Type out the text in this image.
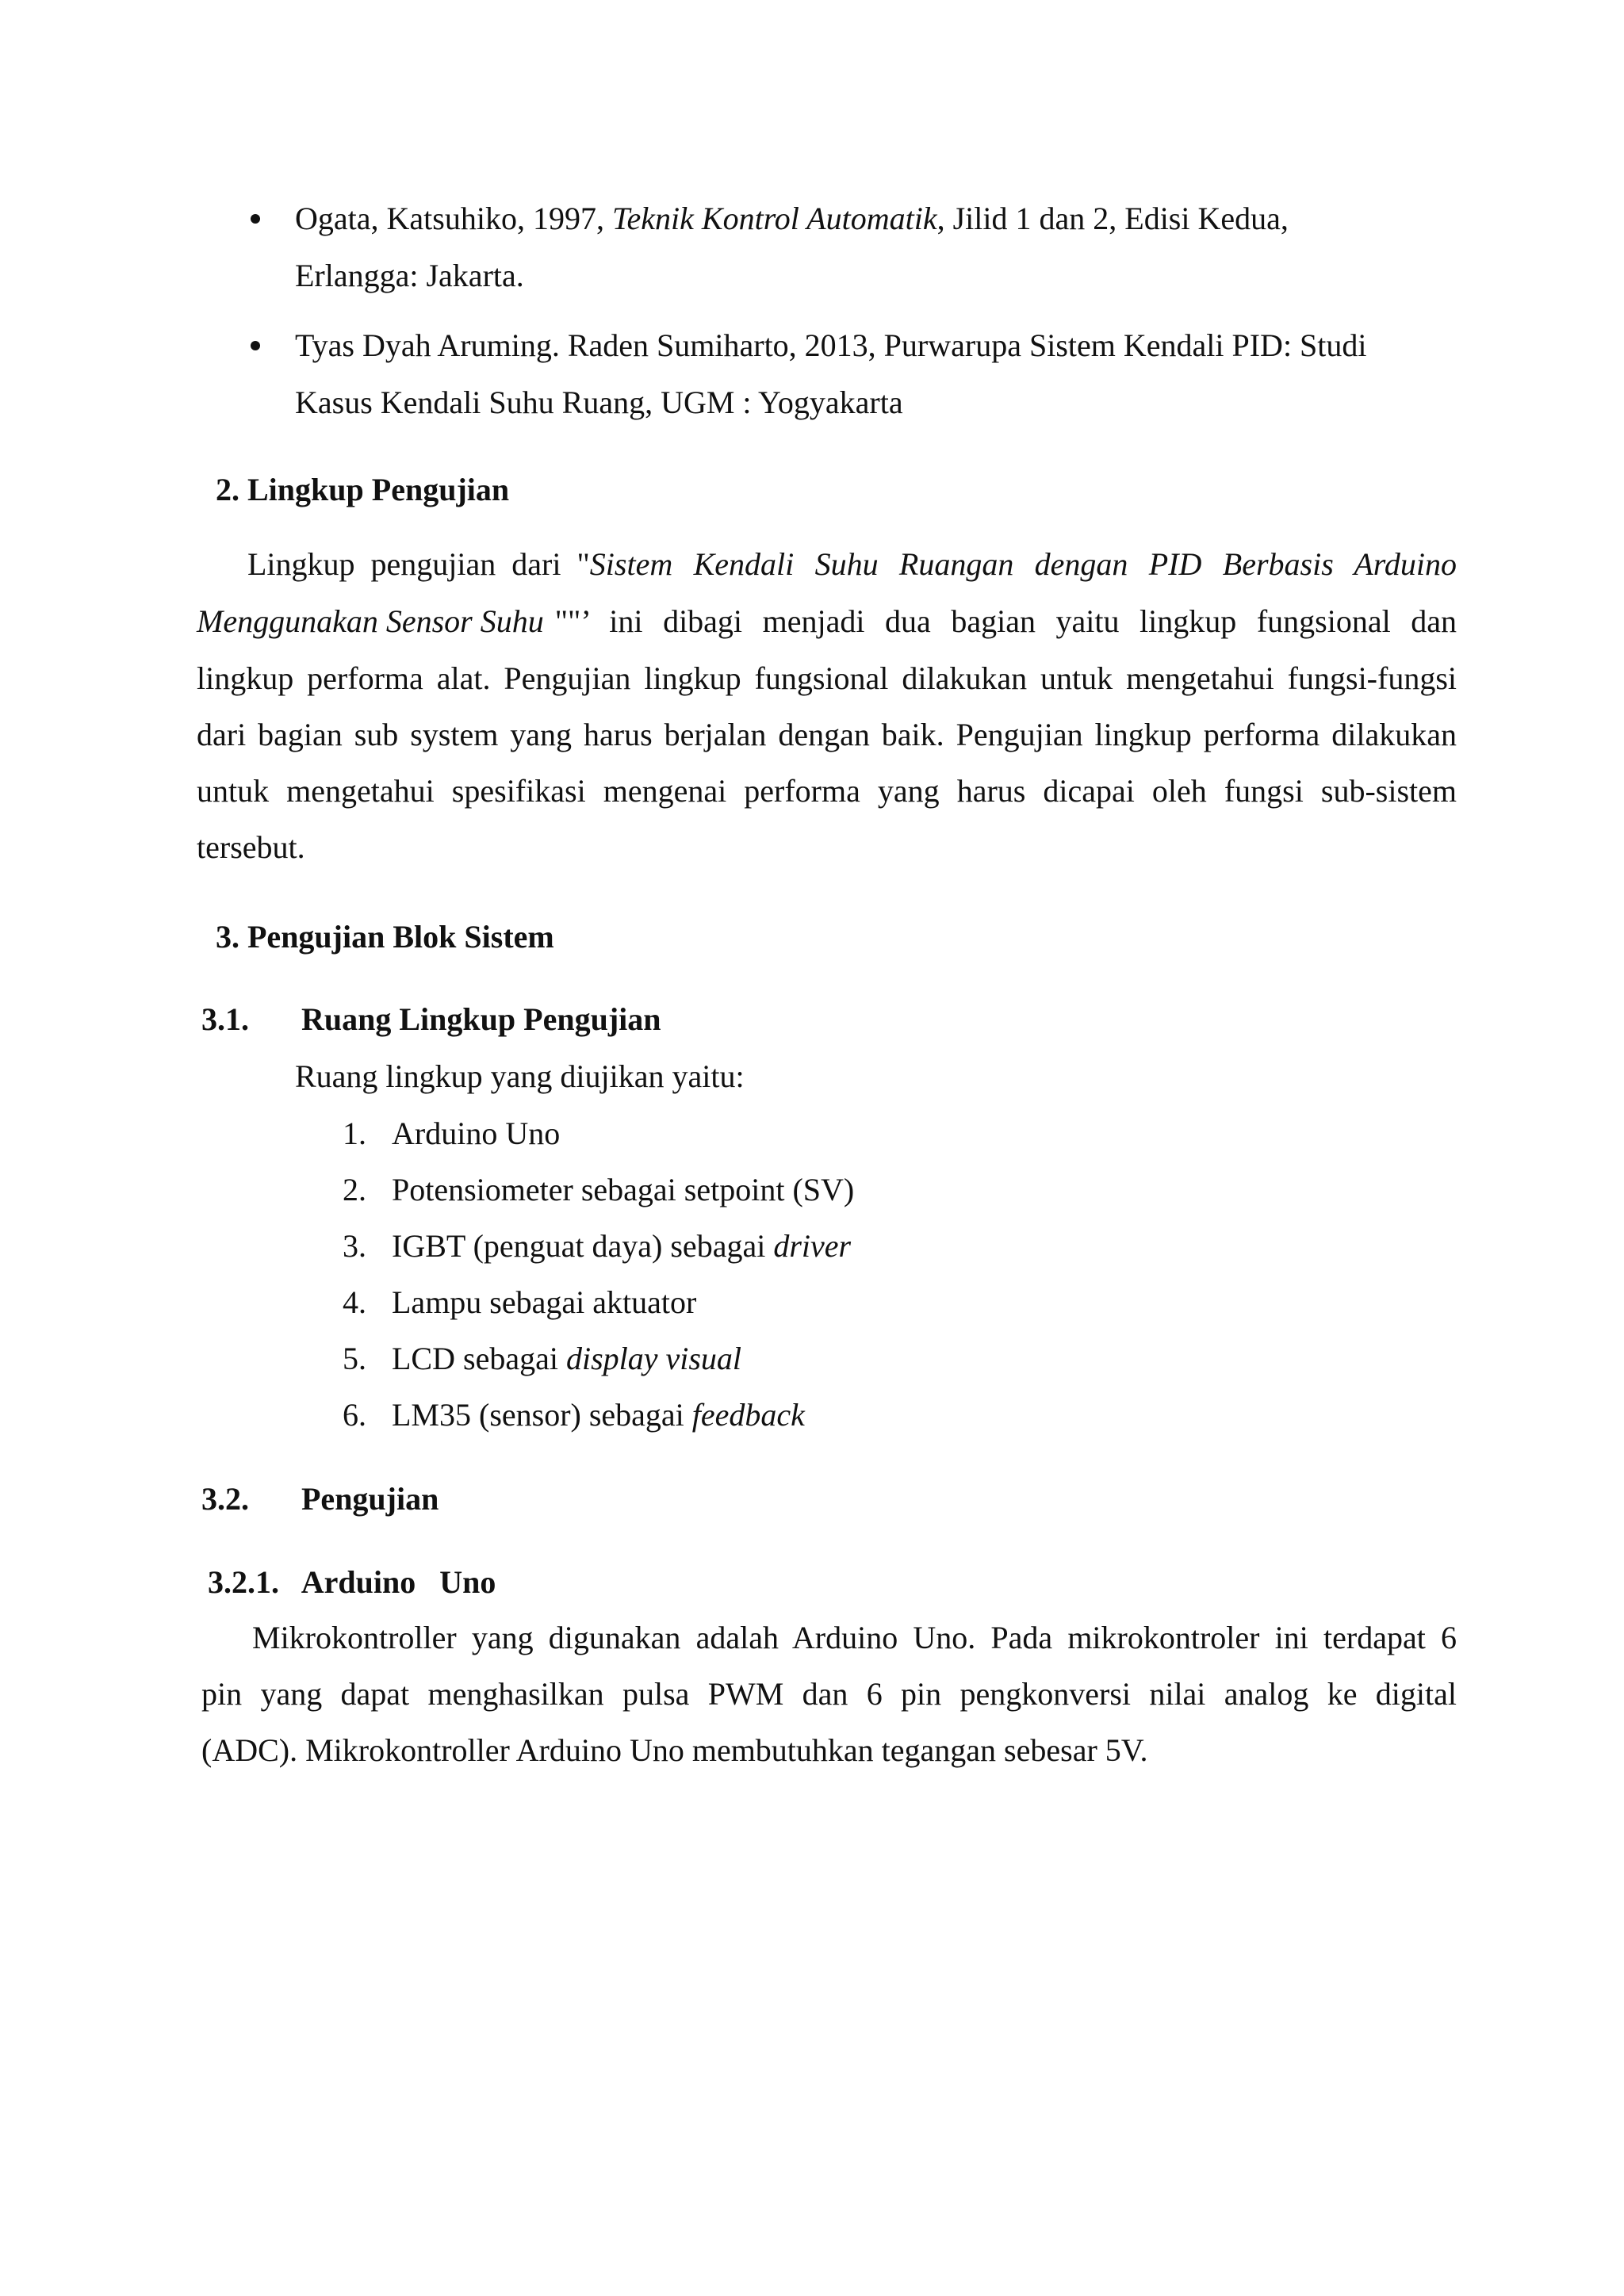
Ogata, Katsuhiko, 1997, Teknik Kontrol Automatik, Jilid 1 dan 2, Edisi Kedua,
Erlangga: Jakarta.
Tyas Dyah Aruming. Raden Sumiharto, 2013, Purwarupa Sistem Kendali PID: Studi
Kasus Kendali Suhu Ruang, UGM : Yogyakarta
2. Lingkup Pengujian
Lingkup  pengujian  dari  " Sistem  Kendali  Suhu  Ruangan  dengan  PID  Berbasis  Arduino
Menggunakan Sensor Suhu ""’ ini dibagi menjadi dua bagian yaitu lingkup fungsional dan
lingkup performa alat. Pengujian lingkup fungsional dilakukan untuk mengetahui fungsi-fungsi
dari bagian sub system yang harus berjalan dengan baik. Pengujian lingkup performa dilakukan
untuk mengetahui spesifikasi mengenai performa yang harus dicapai oleh fungsi sub-sistem
tersebut.
3. Pengujian Blok Sistem
3.1. Ruang Lingkup Pengujian
Ruang lingkup yang diujikan yaitu:
1. Arduino Uno
2. Potensiometer sebagai setpoint (SV)
3. IGBT (penguat daya) sebagai driver
4. Lampu sebagai aktuator
5. LCD sebagai display visual
6. LM35 (sensor) sebagai feedback
3.2. Pengujian
3.2.1.   Arduino   Uno
Mikrokontroller yang digunakan adalah Arduino Uno. Pada mikrokontroler ini terdapat 6
pin yang dapat menghasilkan pulsa PWM dan 6 pin pengkonversi nilai analog ke digital
(ADC). Mikrokontroller Arduino Uno membutuhkan tegangan sebesar 5V.
